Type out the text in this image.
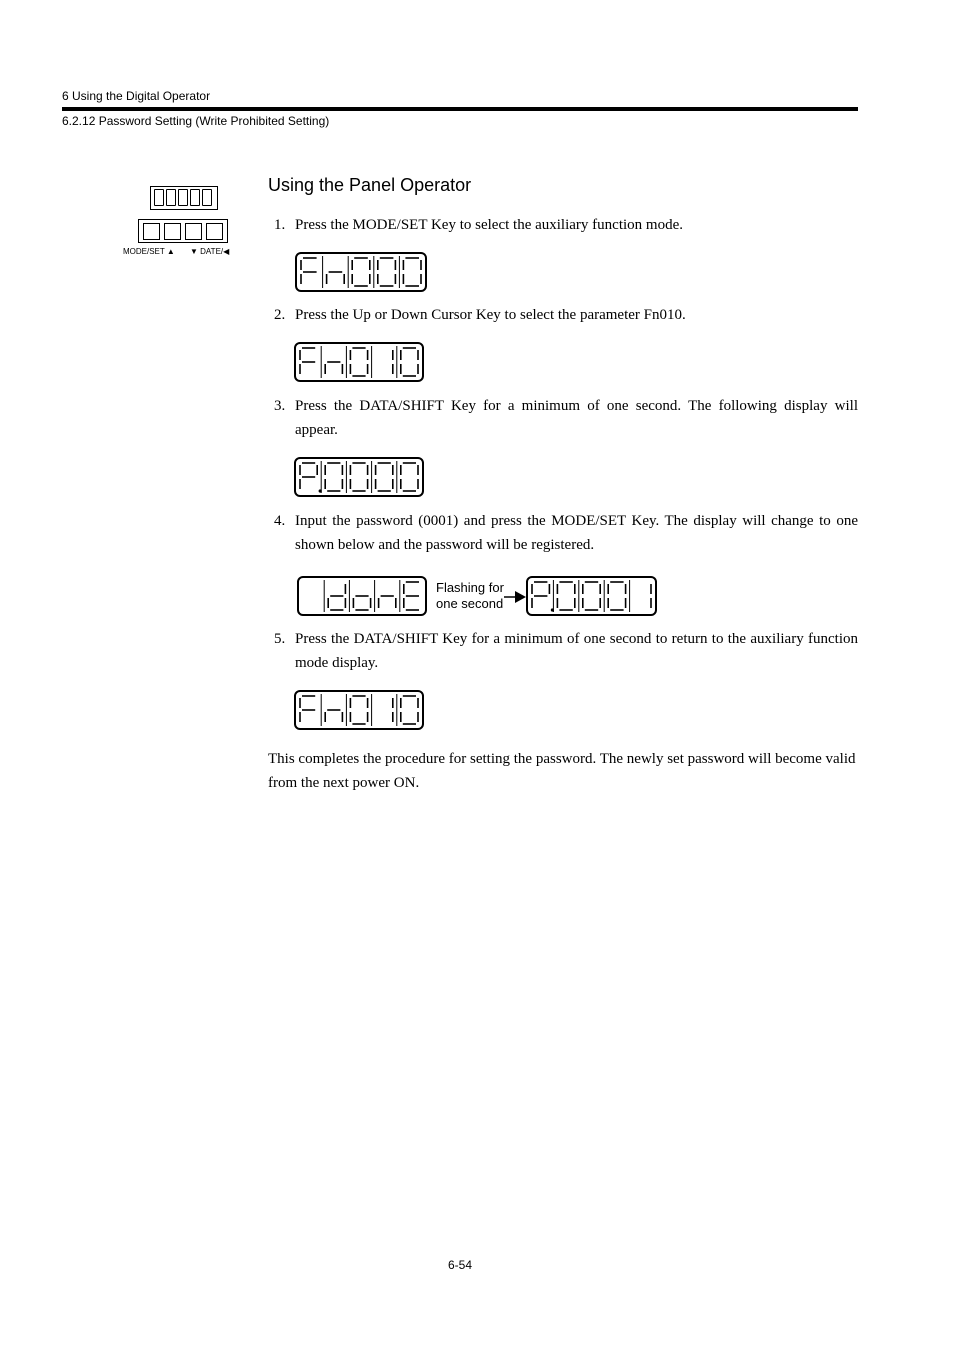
6 Using the Digital Operator
6.2.12 Password Setting (Write Prohibited Setting)
MODE/SET ▲ ▼ DATE/◀
Using the Panel Operator
1. Press the MODE/SET Key to select the auxiliary function mode.
2. Press the Up or Down Cursor Key to select the parameter Fn010.
3. Press the DATA/SHIFT Key for a minimum of one second. The following display will appear.
4. Input the password (0001) and press the MODE/SET Key. The display will change to one shown below and the password will be registered.
Flashing for
one second
5. Press the DATA/SHIFT Key for a minimum of one second to return to the auxiliary function mode display.
This completes the procedure for setting the password. The newly set password will become valid from the next power ON.
6-54
